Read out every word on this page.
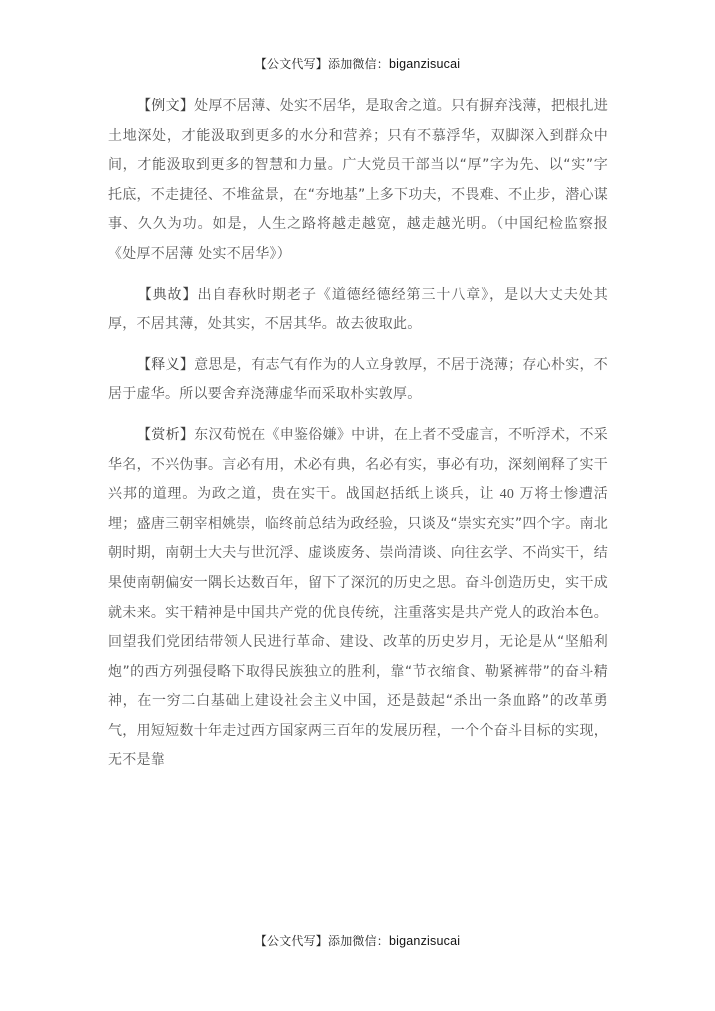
【公文代写】添加微信：biganzisucai

【例文】处厚不居薄、处实不居华，是取舍之道。只有摒弃浅薄，把根扎进土地深处，才能汲取到更多的水分和营养；只有不慕浮华，双脚深入到群众中间，才能汲取到更多的智慧和力量。广大党员干部当以“厚”字为先、以“实”字托底，不走捷径、不堆盆景，在“夯地基”上多下功夫，不畏难、不止步，潜心谋事、久久为功。如是，人生之路将越走越宽，越走越光明。（中国纪检监察报《处厚不居薄 处实不居华》）

【典故】出自春秋时期老子《道德经德经第三十八章》，是以大丈夫处其厚，不居其薄，处其实，不居其华。故去彼取此。

【释义】意思是，有志气有作为的人立身敦厚，不居于浇薄；存心朴实，不居于虚华。所以要舍弃浇薄虚华而采取朴实敦厚。

【赏析】东汉荀悦在《申鉴俗嫌》中讲，在上者不受虚言，不听浮术，不采华名，不兴伪事。言必有用，术必有典，名必有实，事必有功，深刻阐释了实干兴邦的道理。为政之道，贵在实干。战国赵括纸上谈兵，让 40 万将士惨遭活埋；盛唐三朝宰相姚崇，临终前总结为政经验，只谈及“崇实充实”四个字。南北朝时期，南朝士大夫与世沉浮、虚谈废务、崇尚清谈、向往玄学、不尚实干，结果使南朝偏安一隅长达数百年，留下了深沉的历史之思。奋斗创造历史，实干成就未来。实干精神是中国共产党的优良传统，注重落实是共产党人的政治本色。回望我们党团结带领人民进行革命、建设、改革的历史岁月，无论是从“坚船利炮”的西方列强侵略下取得民族独立的胜利，靠“节衣缩食、勒紧裤带”的奋斗精神，在一穷二白基础上建设社会主义中国，还是鼓起“杀出一条血路”的改革勇气，用短短数十年走过西方国家两三百年的发展历程，一个个奋斗目标的实现，无不是靠

【公文代写】添加微信：biganzisucai
